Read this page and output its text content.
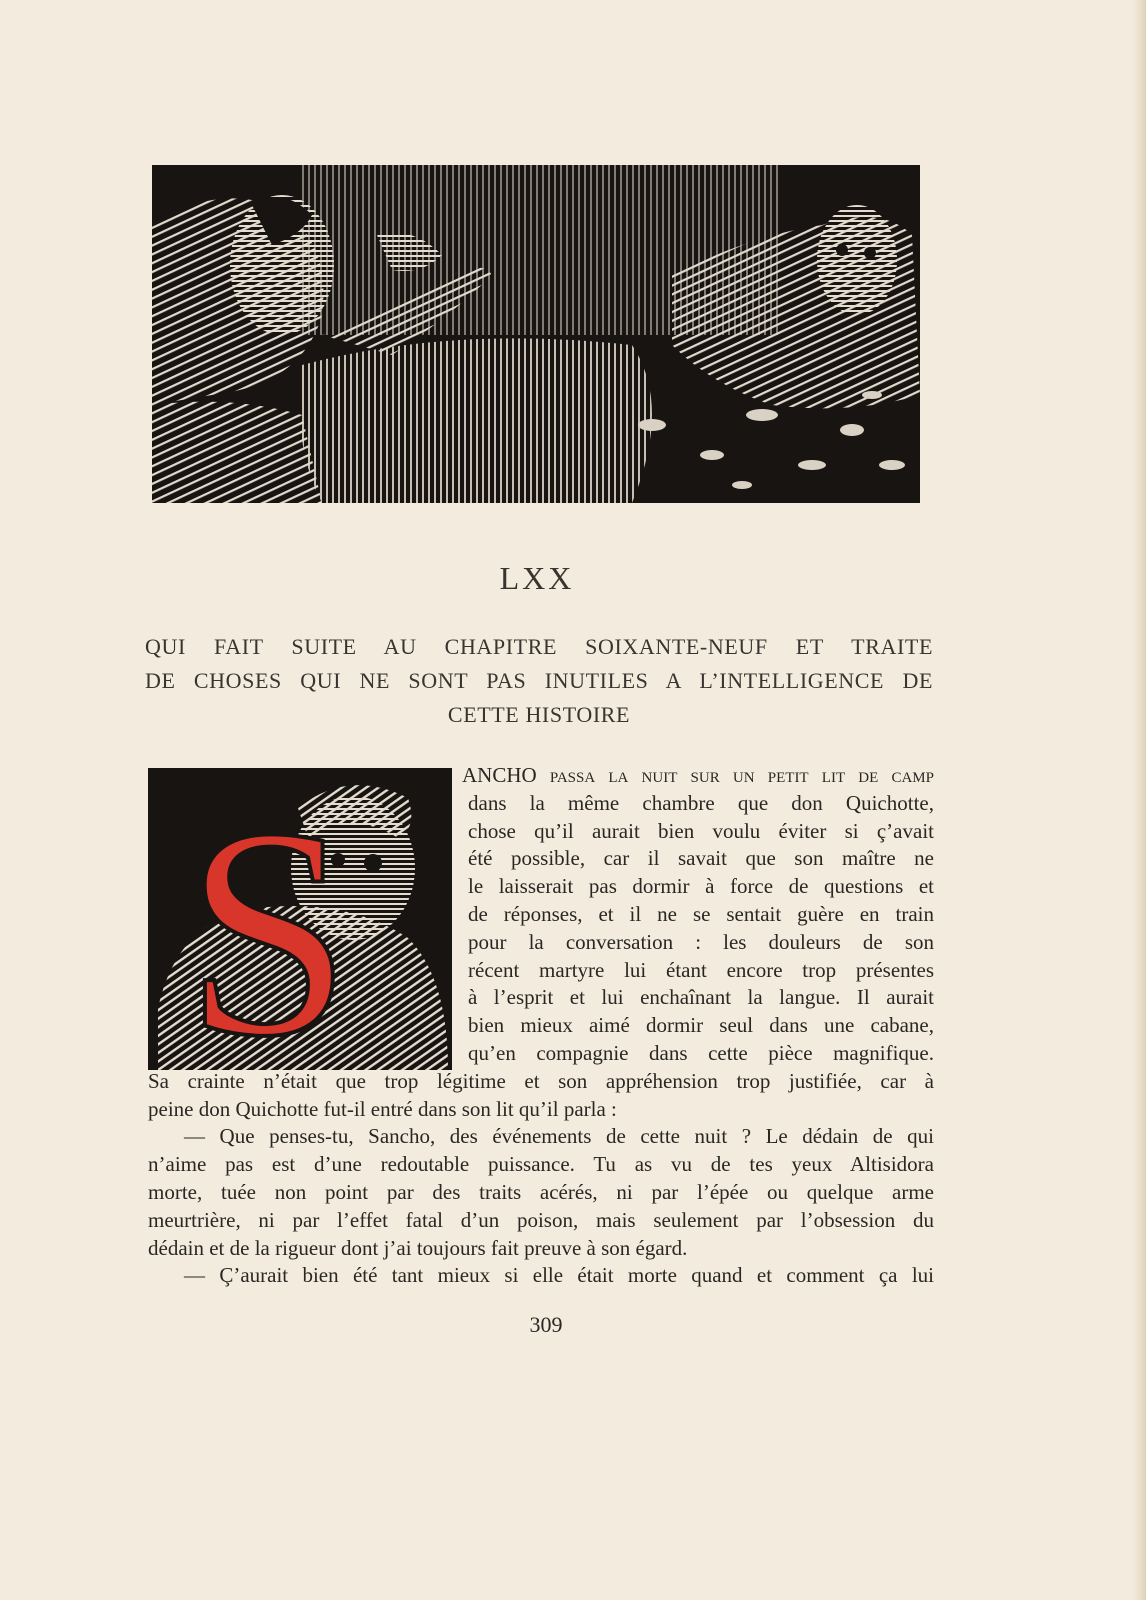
LXX
QUI FAIT SUITE AU CHAPITRE SOIXANTE-NEUF ET TRAITE
DE CHOSES QUI NE SONT PAS INUTILES A L’INTELLIGENCE DE
CETTE HISTOIRE
S	ANCHO passa la nuit sur un petit lit de camp
dans la même chambre que don Quichotte,
chose qu’il aurait bien voulu éviter si ç’avait
été possible, car il savait que son maître ne
le laisserait pas dormir à force de questions et
de réponses, et il ne se sentait guère en train
pour la conversation : les douleurs de son
récent martyre lui étant encore trop présentes
à l’esprit et lui enchaînant la langue. Il aurait
bien mieux aimé dormir seul dans une cabane,
qu’en compagnie dans cette pièce magnifique.
Sa crainte n’était que trop légitime et son appréhension trop justifiée, car à
peine don Quichotte fut-il entré dans son lit qu’il parla :
— Que penses-tu, Sancho, des événements de cette nuit ? Le dédain de qui
n’aime pas est d’une redoutable puissance. Tu as vu de tes yeux Altisidora
morte, tuée non point par des traits acérés, ni par l’épée ou quelque arme
meurtrière, ni par l’effet fatal d’un poison, mais seulement par l’obsession du
dédain et de la rigueur dont j’ai toujours fait preuve à son égard.
— Ç’aurait bien été tant mieux si elle était morte quand et comment ça lui
309
